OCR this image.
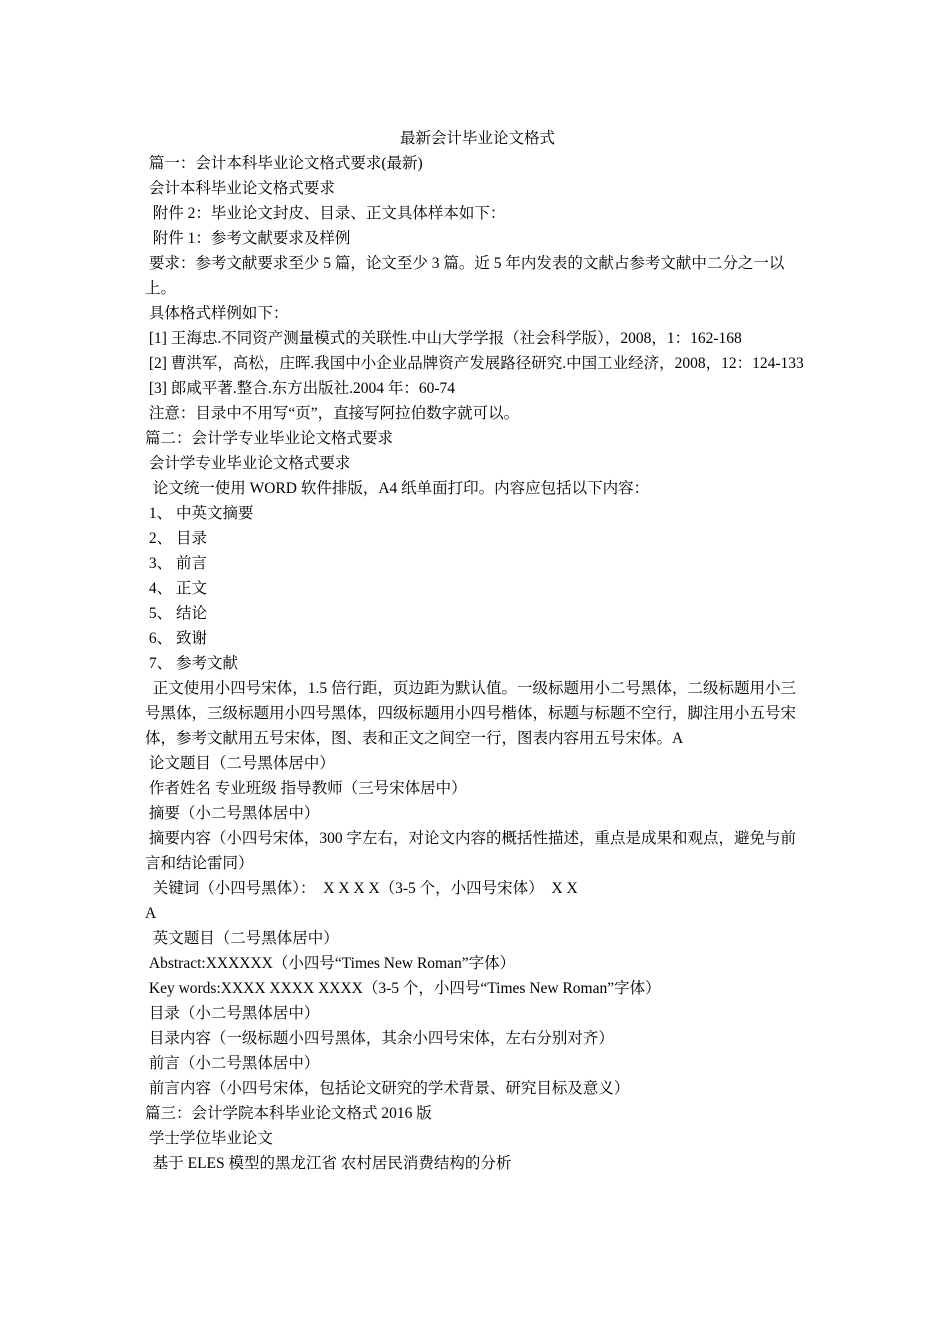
最新会计毕业论文格式
篇一：会计本科毕业论文格式要求(最新)
会计本科毕业论文格式要求
附件 2：毕业论文封皮、目录、正文具体样本如下：
附件 1：参考文献要求及样例
要求：参考文献要求至少 5 篇，论文至少 3 篇。近 5 年内发表的文献占参考文献中二分之一以上。
具体格式样例如下：
[1] 王海忠.不同资产测量模式的关联性.中山大学学报（社会科学版），2008，1：162-168
[2] 曹洪军，高松，庄晖.我国中小企业品牌资产发展路径研究.中国工业经济，2008，12：124-133
[3] 郎咸平著.整合.东方出版社.2004 年：60-74
注意：目录中不用写“页”，直接写阿拉伯数字就可以。
篇二：会计学专业毕业论文格式要求
会计学专业毕业论文格式要求
论文统一使用 WORD 软件排版，A4 纸单面打印。内容应包括以下内容：
1、 中英文摘要
2、 目录
3、 前言
4、 正文
5、 结论
6、 致谢
7、 参考文献
正文使用小四号宋体，1.5 倍行距，页边距为默认值。一级标题用小二号黑体，二级标题用小三号黑体，三级标题用小四号黑体，四级标题用小四号楷体，标题与标题不空行，脚注用小五号宋体，参考文献用五号宋体，图、表和正文之间空一行，图表内容用五号宋体。A
论文题目（二号黑体居中）
作者姓名 专业班级 指导教师（三号宋体居中）
摘要（小二号黑体居中）
摘要内容（小四号宋体，300 字左右，对论文内容的概括性描述，重点是成果和观点，避免与前言和结论雷同）
关键词（小四号黑体）：  X X X X（3-5 个，小四号宋体）  X X
A
英文题目（二号黑体居中）
Abstract:XXXXXX（小四号“Times New Roman”字体）
Key words:XXXX XXXX XXXX（3-5 个，小四号“Times New Roman”字体）
目录（小二号黑体居中）
目录内容（一级标题小四号黑体，其余小四号宋体，左右分别对齐）
前言（小二号黑体居中）
前言内容（小四号宋体，包括论文研究的学术背景、研究目标及意义）
篇三：会计学院本科毕业论文格式 2016 版
学士学位毕业论文
基于 ELES 模型的黑龙江省 农村居民消费结构的分析
